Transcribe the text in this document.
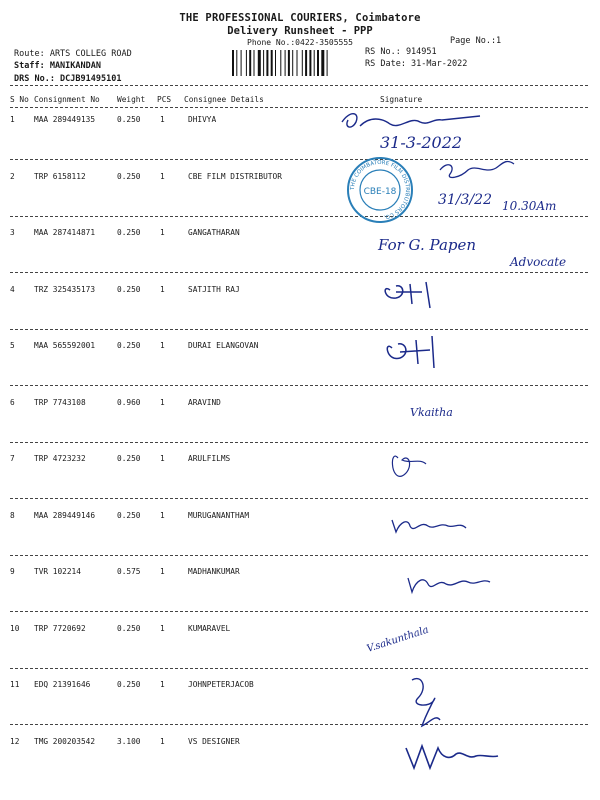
THE PROFESSIONAL COURIERS, Coimbatore
Delivery Runsheet - PPP
Phone No.:0422-3505555	Page No.:1
Route: ARTS COLLEG ROAD
Staff: MANIKANDAN
DRS No.: DCJB91495101
RS No.: 914951
RS Date: 31-Mar-2022
S No Consignment No Weight PCS Consignee Details	Signature
1 MAA 289449135	0.250	1	DHIVYA
2 TRP 6158112	0.250	1	CBE FILM DISTRIBUTOR
3 MAA 287414871	0.250	1	GANGATHARAN
4 TRZ 325435173	0.250	1	SATJITH RAJ
5 MAA 565592001	0.250	1	DURAI ELANGOVAN
6 TRP 7743108	0.960	1	ARAVIND
7 TRP 4723232	0.250	1	ARULFILMS
8 MAA 289449146	0.250	1	MURUGANANTHAM
9 TVR 102214	0.575	1	MADHANKUMAR
10 TRP 7720692	0.250	1	KUMARAVEL
11 EDQ 21391646	0.250	1	JOHNPETERJACOB
12 TMG 200203542	3.100	1	VS DESIGNER
31-3-2022
CBE-18
THE COIMBATORE FILM DISTRIBUTORS CO.
31/3/22 10.30Am
For G. Papen
Advocate
Vkaitha
V.sakunthala
